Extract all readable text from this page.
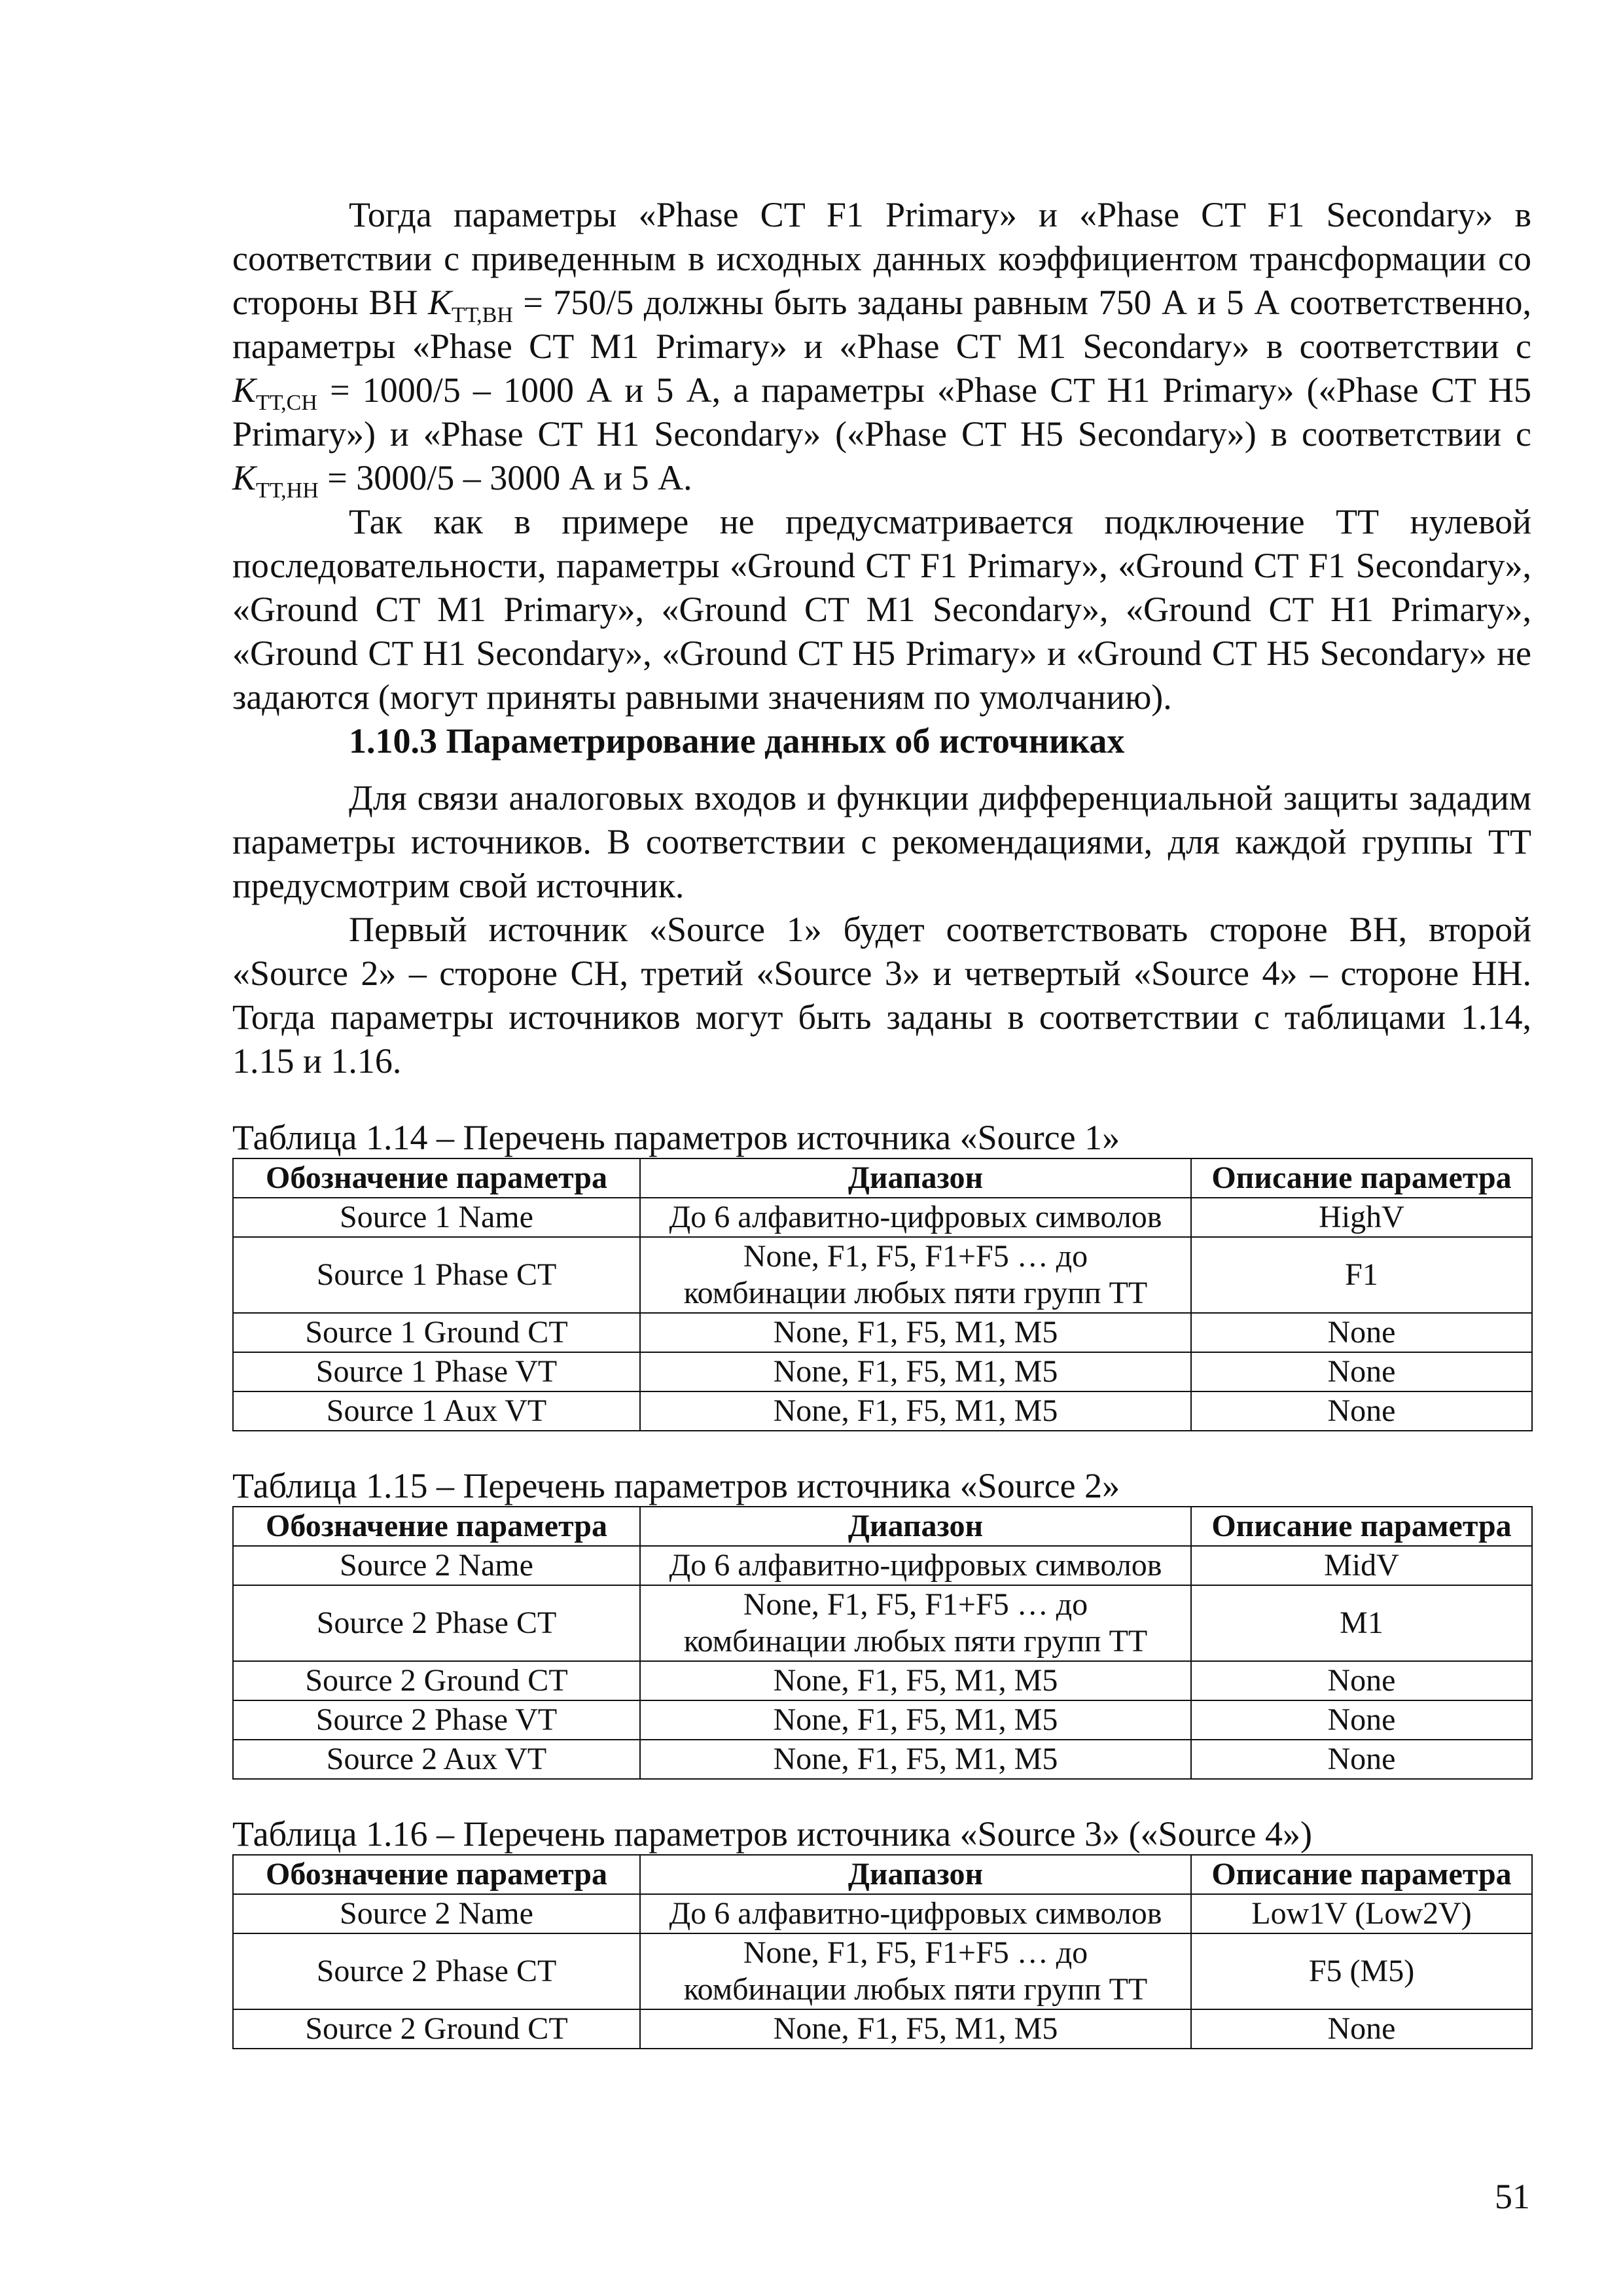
Тогда параметры «Phase CT F1 Primary» и «Phase CT F1 Secondary» в соответствии с приведенным в исходных данных коэффициентом трансформации со стороны ВН $K_{ТТ,ВН} = 750/5$ должны быть заданы равным 750 А и 5 А соответственно, параметры «Phase CT M1 Primary» и «Phase CT M1 Secondary» в соответствии с $K_{ТТ,СН} = 1000/5 - 1000$ А и 5 А, а параметры «Phase CT H1 Primary» («Phase CT H5 Primary») и «Phase CT H1 Secondary» («Phase CT H5 Secondary») в соответствии с $K_{ТТ,НН} = 3000/5 - 3000$ А и 5 А.

Так как в примере не предусматривается подключение ТТ нулевой последовательности, параметры «Ground CT F1 Primary», «Ground CT F1 Secondary», «Ground CT M1 Primary», «Ground CT M1 Secondary», «Ground CT H1 Primary», «Ground CT H1 Secondary», «Ground CT H5 Primary» и «Ground CT H5 Secondary» не задаются (могут приняты равными значениям по умолчанию).

1.10.3 Параметрирование данных об источниках

Для связи аналоговых входов и функции дифференциальной защиты зададим параметры источников. В соответствии с рекомендациями, для каждой группы ТТ предусмотрим свой источник.

Первый источник «Source 1» будет соответствовать стороне ВН, второй «Source 2» – стороне СН, третий «Source 3» и четвертый «Source 4» – стороне НН. Тогда параметры источников могут быть заданы в соответствии с таблицами 1.14, 1.15 и 1.16.

Таблица 1.14 – Перечень параметров источника «Source 1»

Обозначение параметра	Диапазон	Описание параметра
Source 1 Name	До 6 алфавитно-цифровых символов	HighV
Source 1 Phase CT	None, F1, F5, F1+F5 … до
комбинации любых пяти групп ТТ	F1
Source 1 Ground CT	None, F1, F5, M1, M5	None
Source 1 Phase VT	None, F1, F5, M1, M5	None
Source 1 Aux VT	None, F1, F5, M1, M5	None

Таблица 1.15 – Перечень параметров источника «Source 2»

Обозначение параметра	Диапазон	Описание параметра
Source 2 Name	До 6 алфавитно-цифровых символов	MidV
Source 2 Phase CT	None, F1, F5, F1+F5 … до
комбинации любых пяти групп ТТ	M1
Source 2 Ground CT	None, F1, F5, M1, M5	None
Source 2 Phase VT	None, F1, F5, M1, M5	None
Source 2 Aux VT	None, F1, F5, M1, M5	None

Таблица 1.16 – Перечень параметров источника «Source 3» («Source 4»)

Обозначение параметра	Диапазон	Описание параметра
Source 2 Name	До 6 алфавитно-цифровых символов	Low1V (Low2V)
Source 2 Phase CT	None, F1, F5, F1+F5 … до
комбинации любых пяти групп ТТ	F5 (M5)
Source 2 Ground CT	None, F1, F5, M1, M5	None
51
